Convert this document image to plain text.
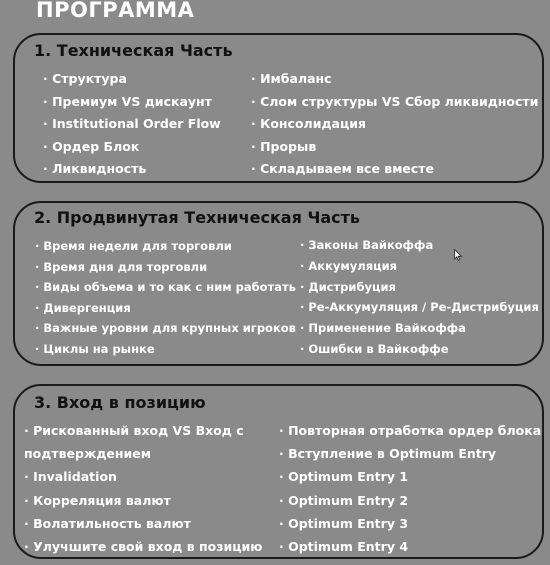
ПРОГРАММА
1. Техническая Часть
· Структура
· Премиум VS дискаунт
· Institutional Order Flow
· Ордер Блок
· Ликвидность
· Имбаланс
· Слом структуры VS Сбор ликвидности
· Консолидация
· Прорыв
· Складываем все вместе
2. Продвинутая Техническая Часть
· Время недели для торговли
· Время дня для торговли
· Виды объема и то как с ним работать
· Дивергенция
· Важные уровни для крупных игроков
· Циклы на рынке
· Законы Вайкоффа
· Аккумуляция
· Дистрибуция
· Ре-Аккумуляция / Ре-Дистрибуция
· Применение Вайкоффа
· Ошибки в Вайкоффе
3. Вход в позицию
· Рискованный вход VS Вход с
подтверждением
· Invalidation
· Корреляция валют
· Волатильность валют
· Улучшите свой вход в позицию
· Повторная отработка ордер блока
· Вступление в Optimum Entry
· Optimum Entry 1
· Optimum Entry 2
· Optimum Entry 3
· Optimum Entry 4
